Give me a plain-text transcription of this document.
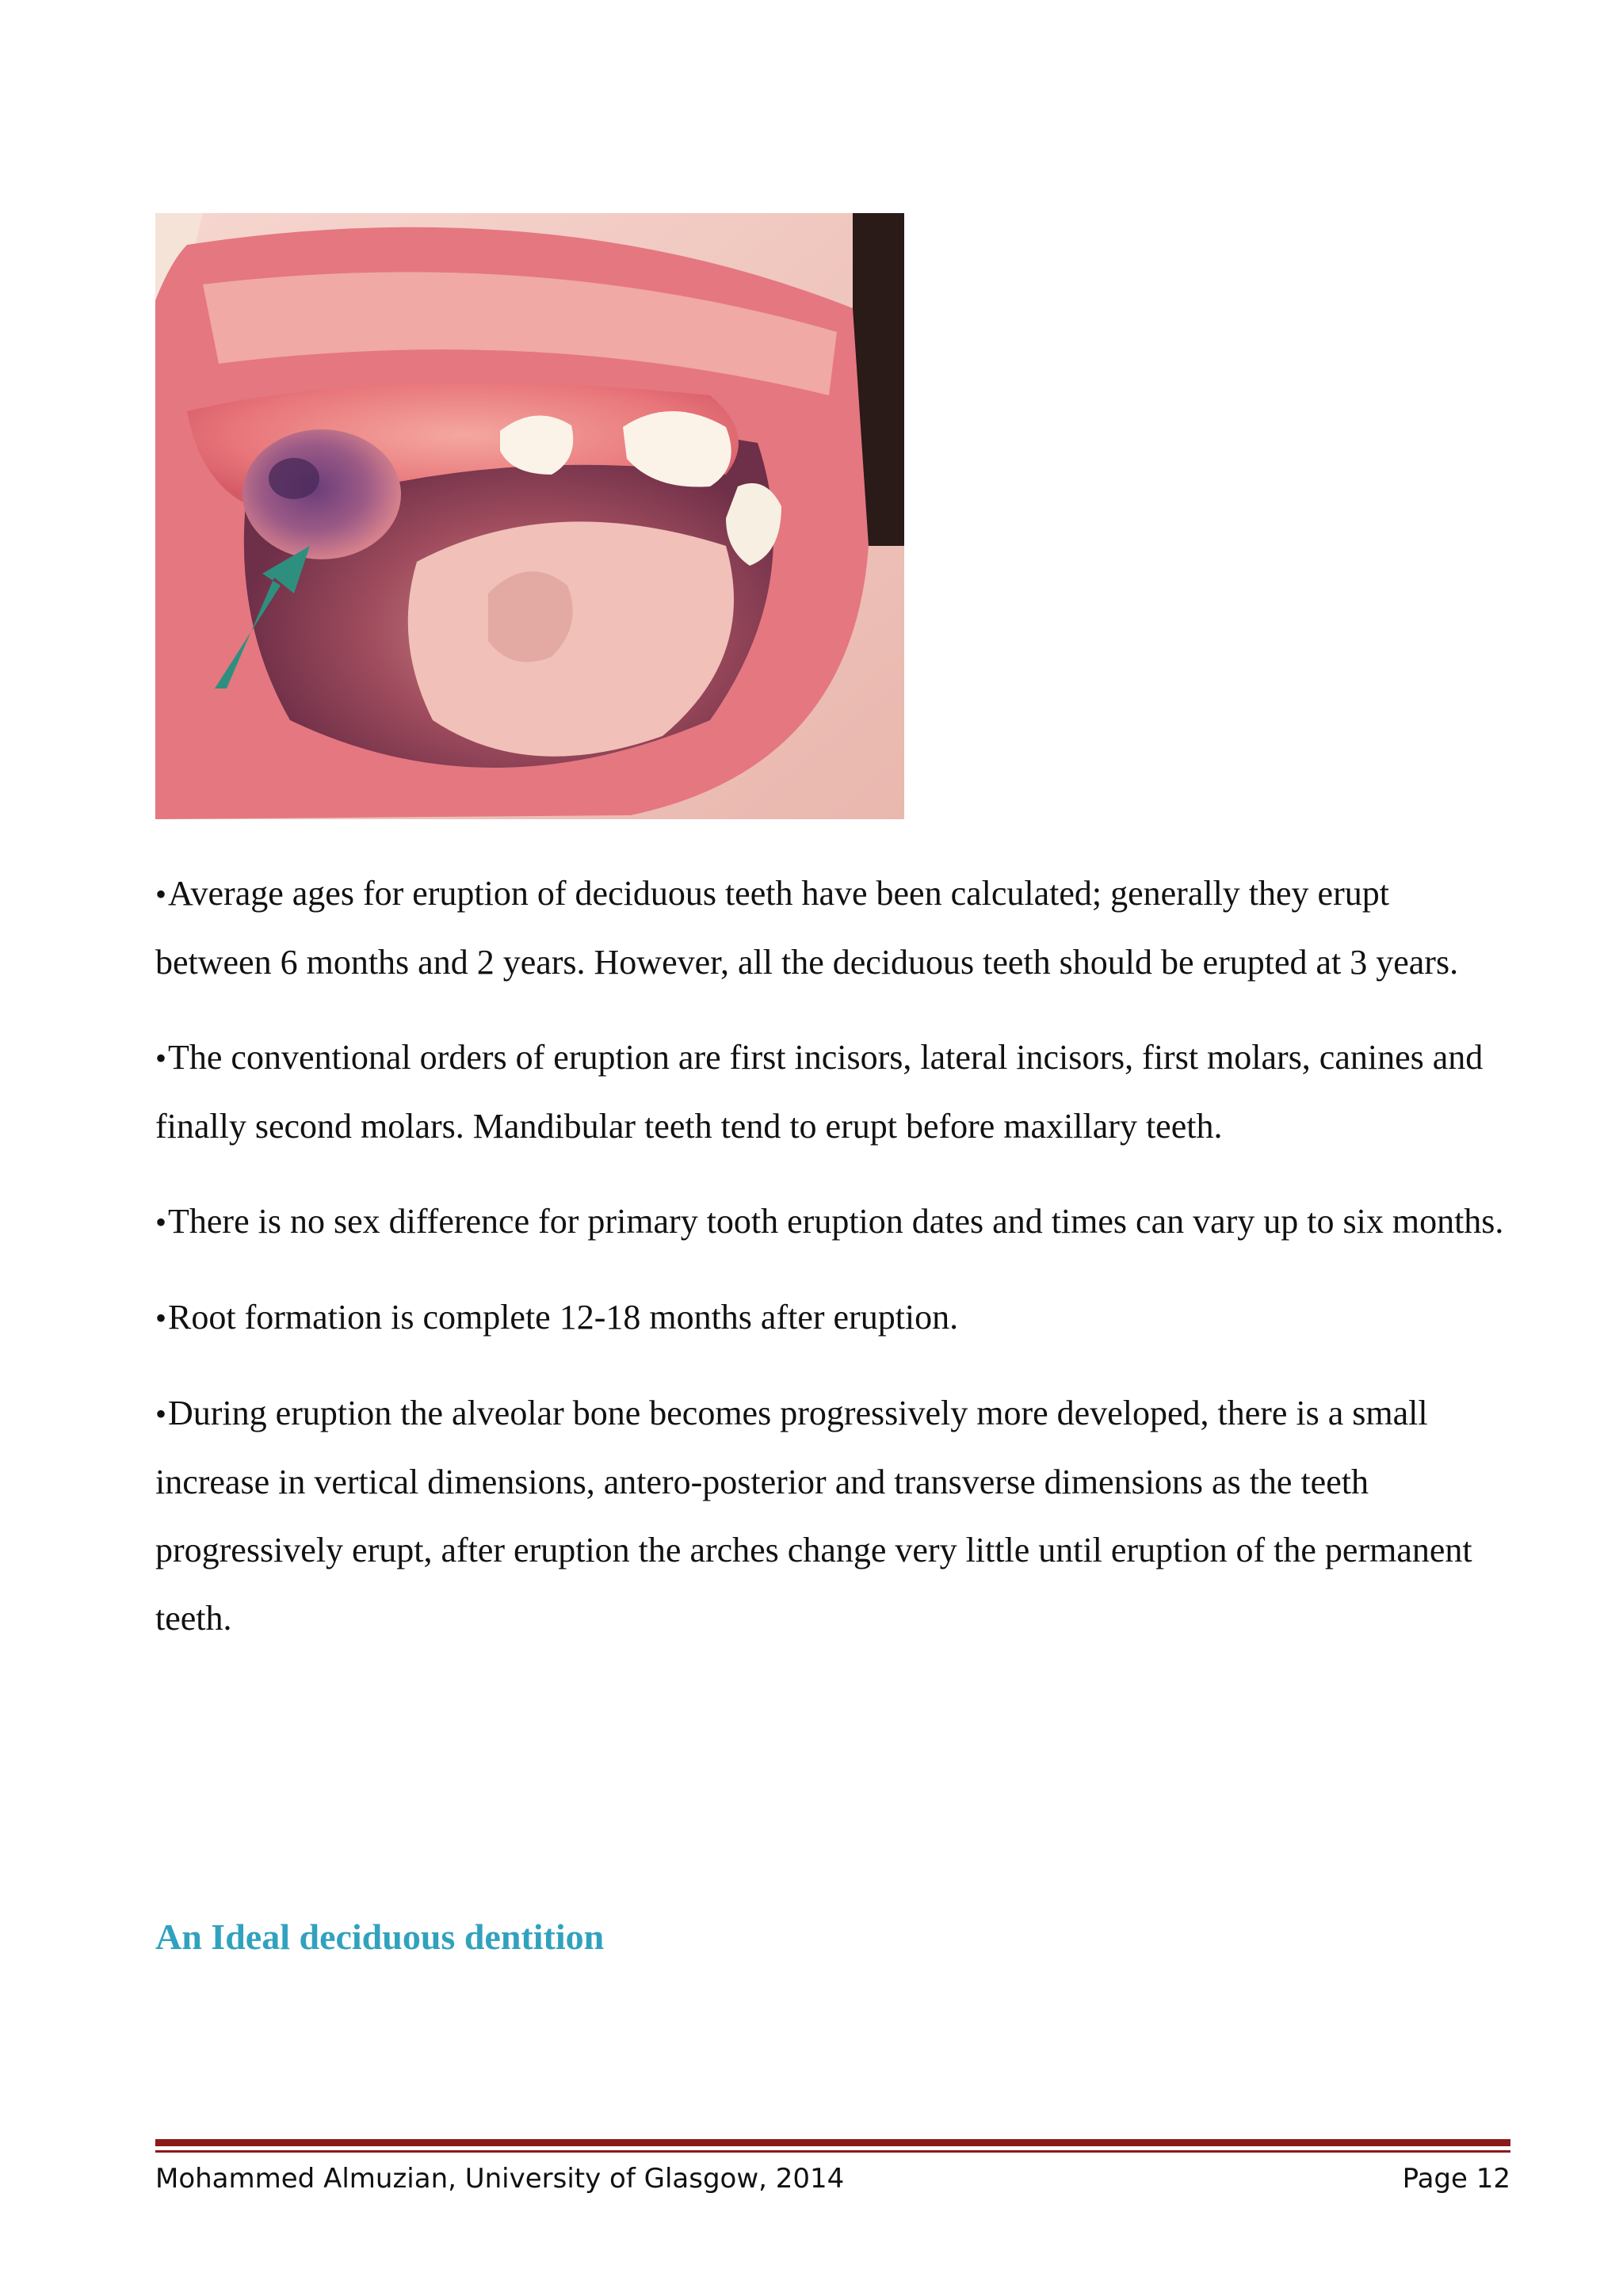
•Average ages for eruption of deciduous teeth have been calculated; generally they erupt between 6 months and 2 years. However, all the deciduous teeth should be erupted at 3 years.

•The conventional orders of eruption are first incisors, lateral incisors, first molars, canines and finally second molars. Mandibular teeth tend to erupt before maxillary teeth.

•There is no sex difference for primary tooth eruption dates and times can vary up to six months.

•Root formation is complete 12-18 months after eruption.

•During eruption the alveolar bone becomes progressively more developed, there is a small increase in vertical dimensions, antero-posterior and transverse dimensions as the teeth progressively erupt, after eruption the arches change very little until eruption of the permanent teeth.

An Ideal deciduous dentition
Mohammed Almuzian, University of Glasgow, 2014	Page 12
